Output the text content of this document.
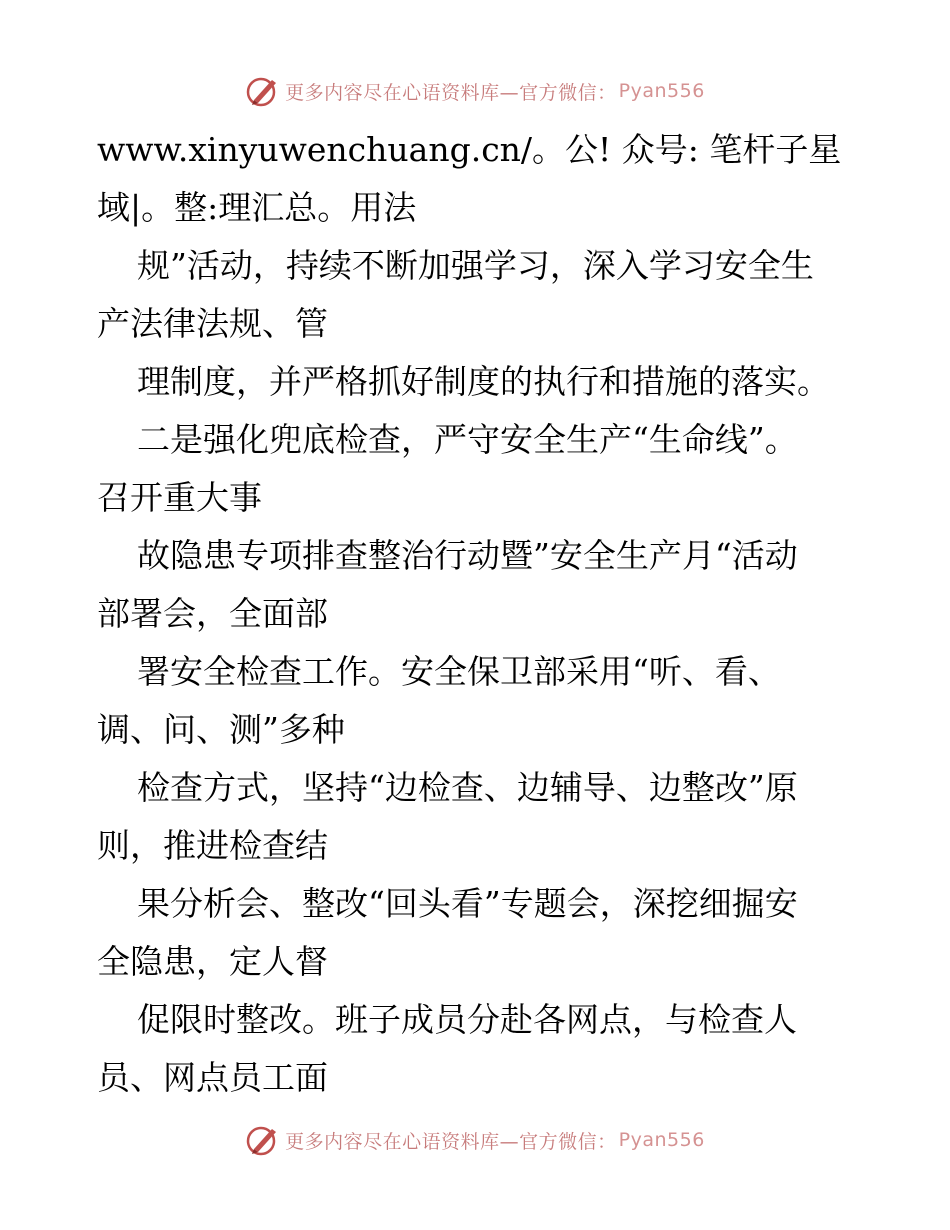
更多内容尽在心语资料库—官方微信： Pyan556
www.xinyuwenchuang.cn/。公! 众号: 笔杆子星
域|。整:理汇总。用法
规”活动，持续不断加强学习，深入学习安全生
产法律法规、管
理制度，并严格抓好制度的执行和措施的落实。
二是强化兜底检查，严守安全生产“生命线”。
召开重大事
故隐患专项排查整治行动暨”安全生产月“活动
部署会，全面部
署安全检查工作。安全保卫部采用“听、看、
调、问、测”多种
检查方式，坚持“边检查、边辅导、边整改”原
则，推进检查结
果分析会、整改“回头看”专题会，深挖细掘安
全隐患，定人督
促限时整改。班子成员分赴各网点，与检查人
员、网点员工面
更多内容尽在心语资料库—官方微信： Pyan556
